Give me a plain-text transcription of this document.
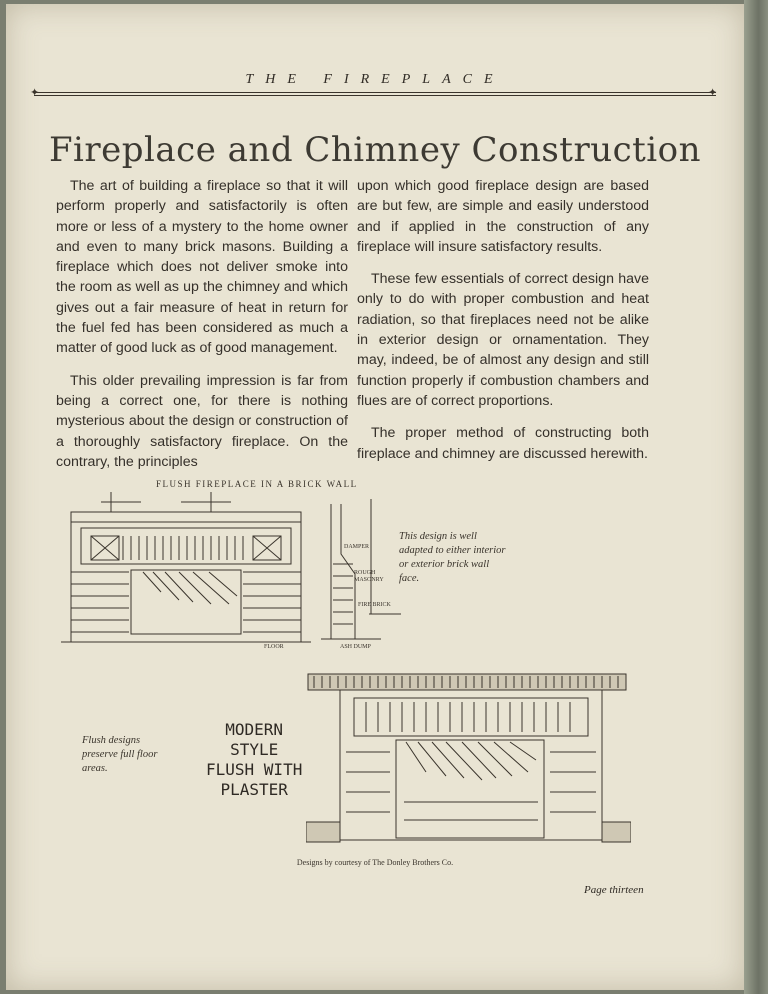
THE FIREPLACE
✦	✦
Fireplace and Chimney Construction

The art of building a fireplace so that it will perform properly and satisfactorily is often more or less of a mystery to the home owner and even to many brick masons. Building a fireplace which does not deliver smoke into the room as well as up the chimney and which gives out a fair measure of heat in return for the fuel fed has been considered as much a matter of good luck as of good management.

This older prevailing impression is far from being a correct one, for there is nothing mysterious about the design or construction of a thoroughly satisfactory fireplace. On the contrary, the principles

upon which good fireplace design are based are but few, are simple and easily understood and if applied in the construction of any fireplace will insure satisfactory results.

These few essentials of correct design have only to do with proper combustion and heat radiation, so that fireplaces need not be alike in exterior design or ornamentation. They may, indeed, be of almost any design and still function properly if combustion chambers and flues are of correct proportions.

The proper method of constructing both fireplace and chimney are discussed herewith.

FLUSH FIREPLACE IN A BRICK WALL
FLOOR
DAMPER
ROUGH MASONRY
FIRE BRICK
ASH DUMP
This design is well adapted to either interior or exterior brick wall face.
Flush designs preserve full floor areas.
MODERN
STYLE
FLUSH WITH
PLASTER
Designs by courtesy of The Donley Brothers Co.
Page thirteen
